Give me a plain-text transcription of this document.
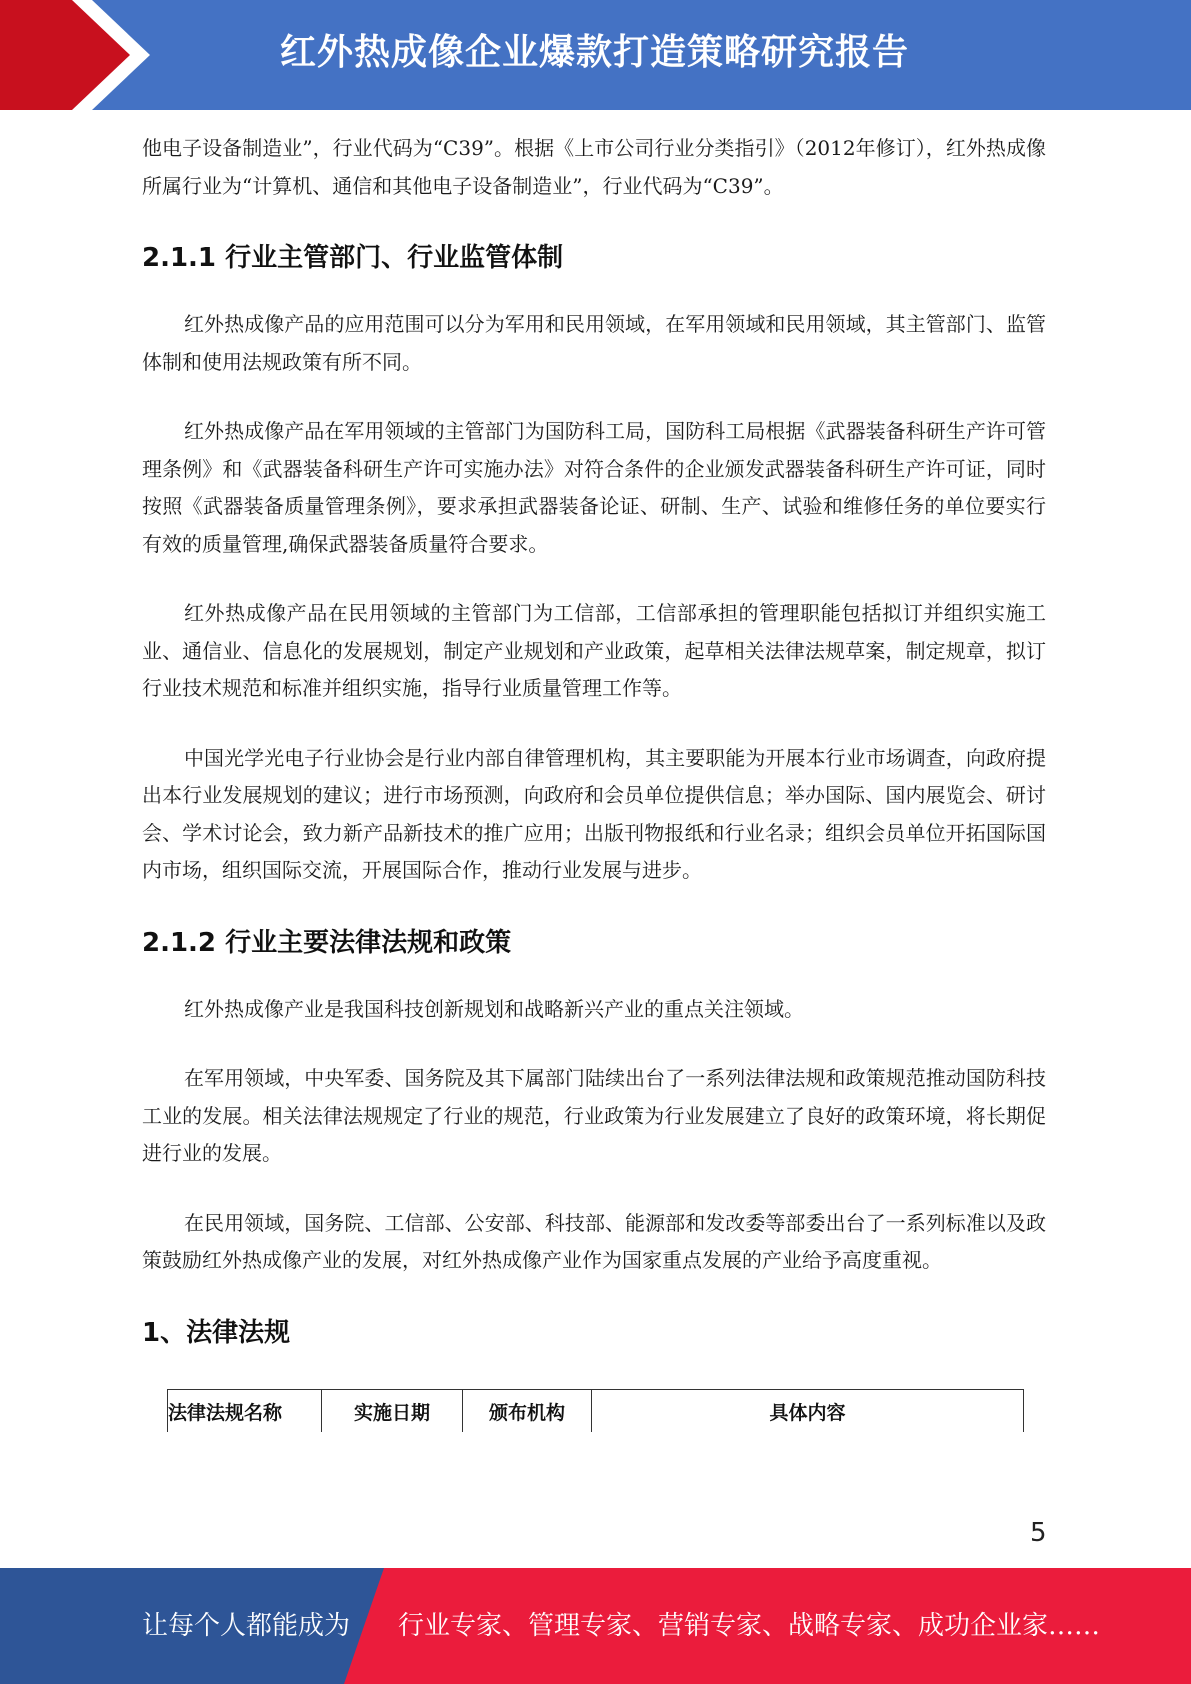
红外热成像企业爆款打造策略研究报告

他电子设备制造业”，行业代码为“C39”。根据《上市公司行业分类指引》（2012年修订），红外热成像所属行业为“计算机、通信和其他电子设备制造业”，行业代码为“C39”。

2.1.1 行业主管部门、行业监管体制

红外热成像产品的应用范围可以分为军用和民用领域，在军用领域和民用领域，其主管部门、监管体制和使用法规政策有所不同。

红外热成像产品在军用领域的主管部门为国防科工局，国防科工局根据《武器装备科研生产许可管理条例》和《武器装备科研生产许可实施办法》对符合条件的企业颁发武器装备科研生产许可证，同时按照《武器装备质量管理条例》，要求承担武器装备论证、研制、生产、试验和维修任务的单位要实行有效的质量管理,确保武器装备质量符合要求。

红外热成像产品在民用领域的主管部门为工信部，工信部承担的管理职能包括拟订并组织实施工业、通信业、信息化的发展规划，制定产业规划和产业政策，起草相关法律法规草案，制定规章，拟订行业技术规范和标准并组织实施，指导行业质量管理工作等。

中国光学光电子行业协会是行业内部自律管理机构，其主要职能为开展本行业市场调查，向政府提出本行业发展规划的建议；进行市场预测，向政府和会员单位提供信息；举办国际、国内展览会、研讨会、学术讨论会，致力新产品新技术的推广应用；出版刊物报纸和行业名录；组织会员单位开拓国际国内市场，组织国际交流，开展国际合作，推动行业发展与进步。

2.1.2 行业主要法律法规和政策

红外热成像产业是我国科技创新规划和战略新兴产业的重点关注领域。

在军用领域，中央军委、国务院及其下属部门陆续出台了一系列法律法规和政策规范推动国防科技工业的发展。相关法律法规规定了行业的规范，行业政策为行业发展建立了良好的政策环境，将长期促进行业的发展。

在民用领域，国务院、工信部、公安部、科技部、能源部和发改委等部委出台了一系列标准以及政策鼓励红外热成像产业的发展，对红外热成像产业作为国家重点发展的产业给予高度重视。

1、法律法规
法律法规名称	实施日期	颁布机构	具体内容
5
让每个人都能成为 行业专家、管理专家、营销专家、战略专家、成功企业家……
